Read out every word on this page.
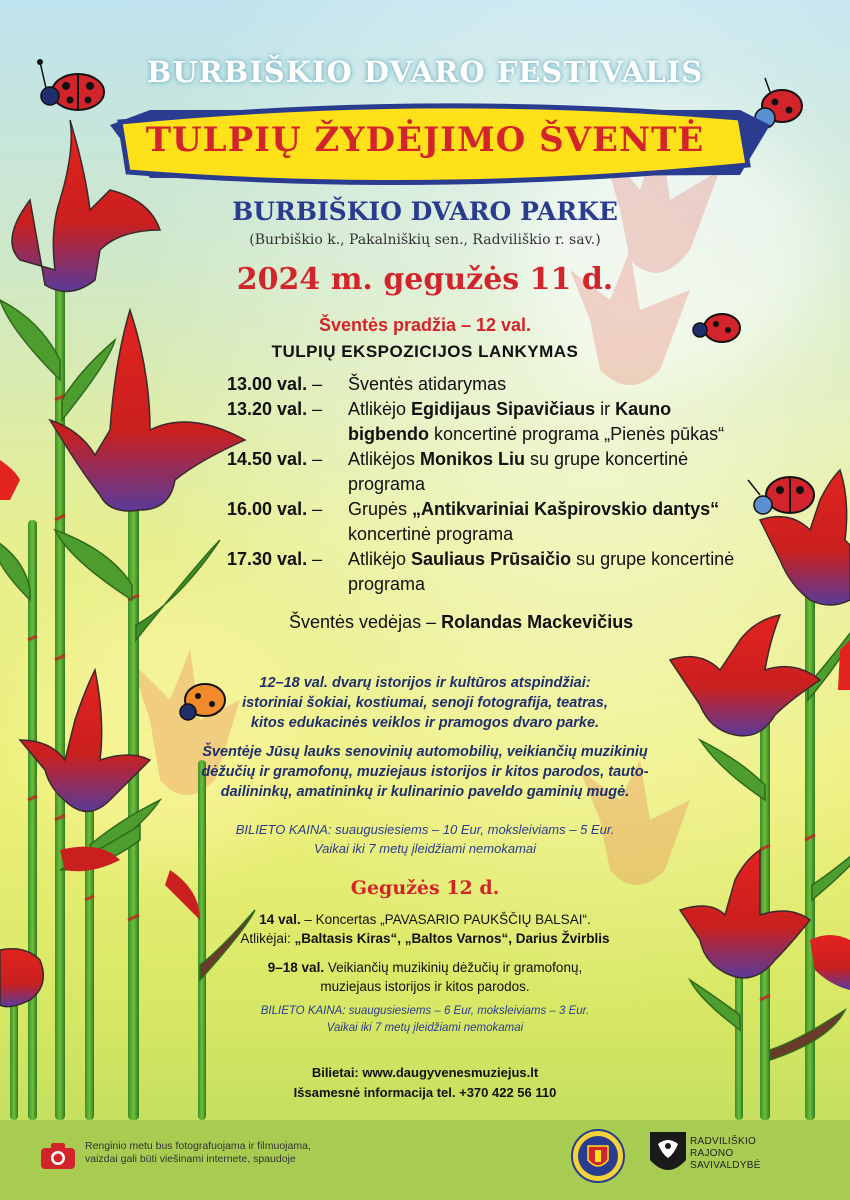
BURBIŠKIO DVARO FESTIVALIS
TULPIŲ ŽYDĖJIMO ŠVENTĖ
BURBIŠKIO DVARO PARKE
(Burbiškio k., Pakalniškių sen., Radviliškio r. sav.)
2024 m. gegužės 11 d.
Šventės pradžia – 12 val.
TULPIŲ EKSPOZICIJOS LANKYMAS
13.00 val. –	Šventės atidarymas
13.20 val. –	Atlikėjo Egidijaus Sipavičiaus ir Kauno bigbendo koncertinė programa „Pienės pūkas“
14.50 val. –	Atlikėjos Monikos Liu su grupe koncertinė programa
16.00 val. –	Grupės „Antikvariniai Kašpirovskio dantys“ koncertinė programa
17.30 val. –	Atlikėjo Sauliaus Prūsaičio su grupe koncertinė programa
Šventės vedėjas – Rolandas Mackevičius
12–18 val. dvarų istorijos ir kultūros atspindžiai:
istoriniai šokiai, kostiumai, senoji fotografija, teatras,
kitos edukacinės veiklos ir pramogos dvaro parke.
Šventėje Jūsų lauks senovinių automobilių, veikiančių muzikinių
dėžučių ir gramofonų, muziejaus istorijos ir kitos parodos, tauto-
dailininkų, amatininkų ir kulinarinio paveldo gaminių mugė.
BILIETO KAINA: suaugusiesiems – 10 Eur, moksleiviams – 5 Eur.
Vaikai iki 7 metų įleidžiami nemokamai
Gegužės 12 d.
14 val. – Koncertas „PAVASARIO PAUKŠČIŲ BALSAI“.
Atlikėjai: „Baltasis Kiras“, „Baltos Varnos“, Darius Žvirblis
9–18 val. Veikiančių muzikinių dėžučių ir gramofonų,
muziejaus istorijos ir kitos parodos.
BILIETO KAINA: suaugusiesiems – 6 Eur, moksleiviams – 3 Eur.
Vaikai iki 7 metų įleidžiami nemokamai
Bilietai: www.daugyvenesmuziejus.lt
Išsamesnė informacija tel. +370 422 56 110
Renginio metu bus fotografuojama ir filmuojama,
vaizdai gali būti viešinami internete, spaudoje
RADVILIŠKIO
RAJONO
SAVIVALDYBĖ
